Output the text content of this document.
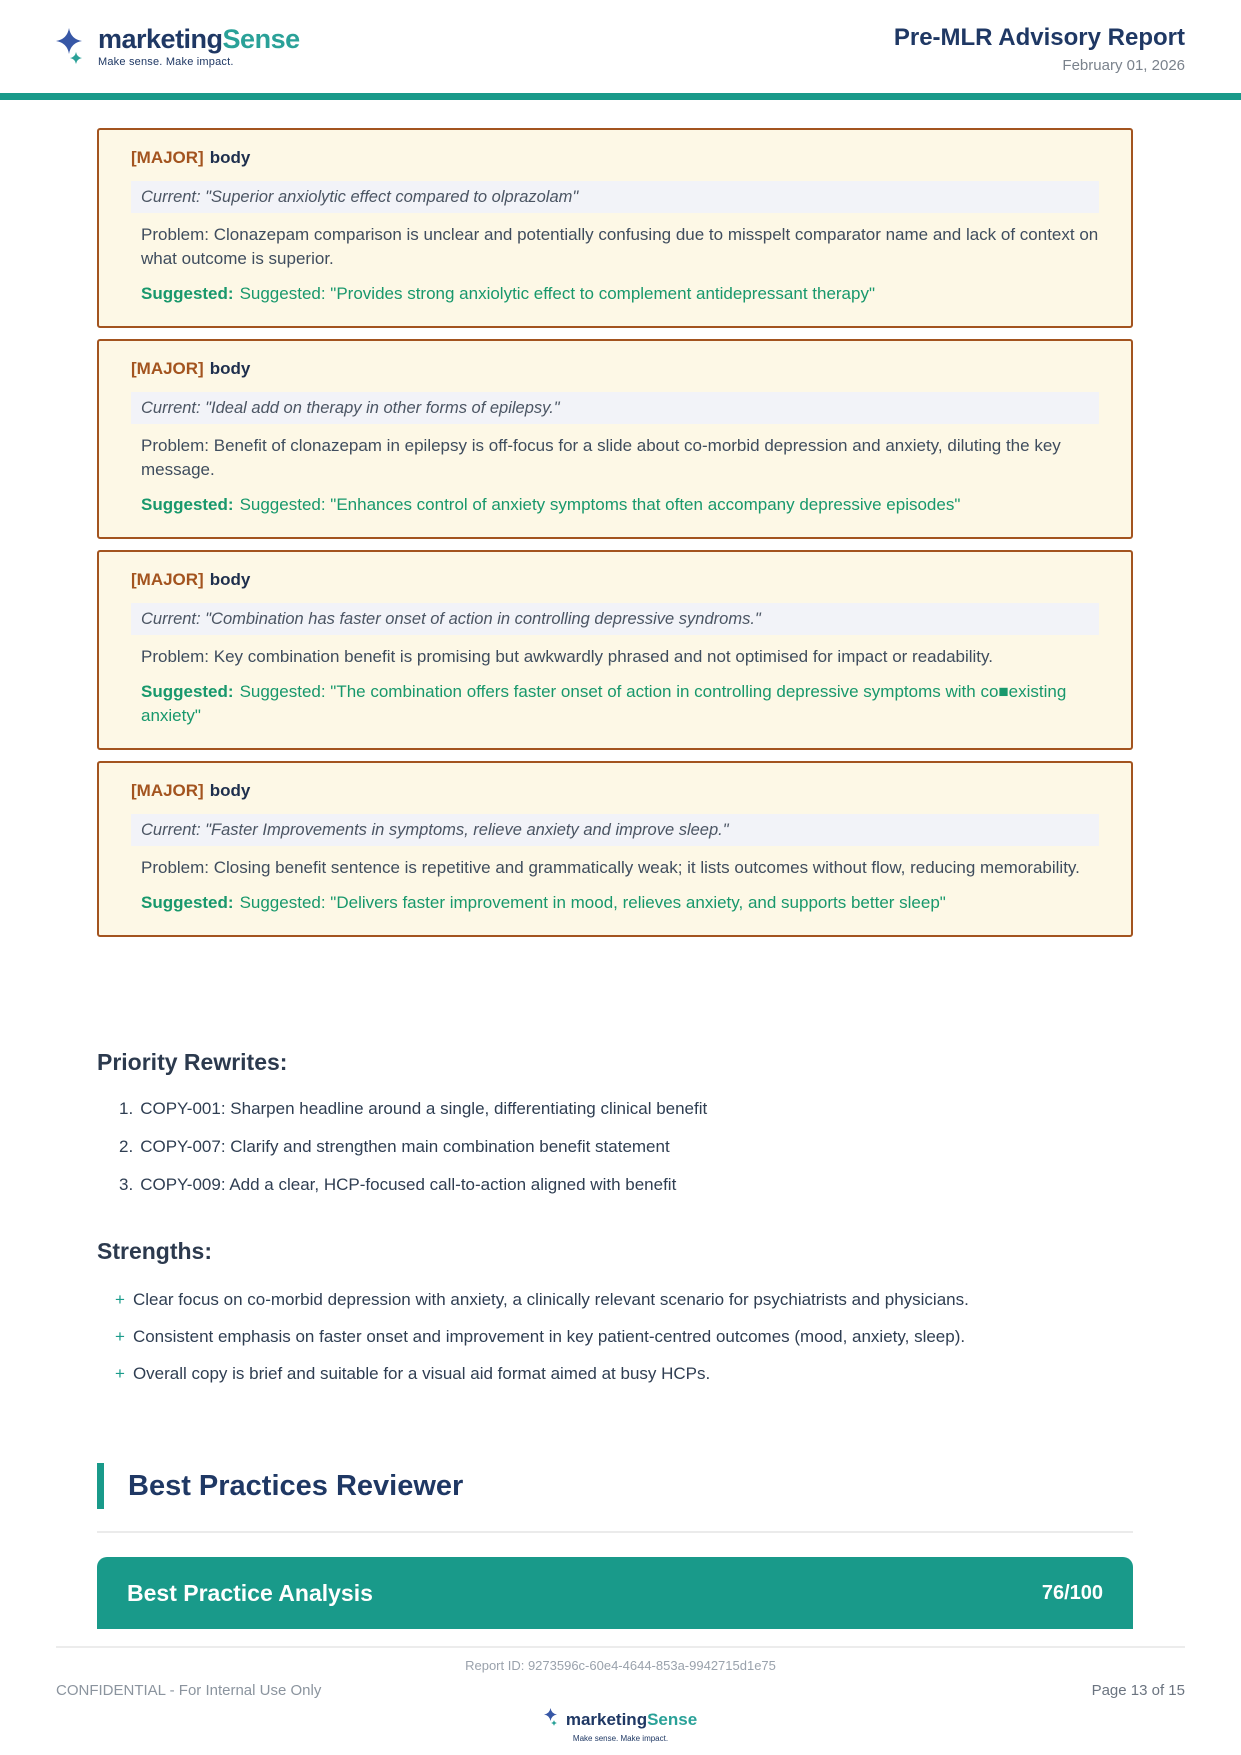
marketingSense
Make sense. Make impact.
Pre-MLR Advisory Report
February 01, 2026
[MAJOR] body
Current: "Superior anxiolytic effect compared to olprazolam"
Problem: Clonazepam comparison is unclear and potentially confusing due to misspelt comparator name and lack of context on what outcome is superior.
Suggested: Suggested: "Provides strong anxiolytic effect to complement antidepressant therapy"
[MAJOR] body
Current: "Ideal add on therapy in other forms of epilepsy."
Problem: Benefit of clonazepam in epilepsy is off-focus for a slide about co-morbid depression and anxiety, diluting the key message.
Suggested: Suggested: "Enhances control of anxiety symptoms that often accompany depressive episodes"
[MAJOR] body
Current: "Combination has faster onset of action in controlling depressive syndroms."
Problem: Key combination benefit is promising but awkwardly phrased and not optimised for impact or readability.
Suggested: Suggested: "The combination offers faster onset of action in controlling depressive symptoms with co■existing anxiety"
[MAJOR] body
Current: "Faster Improvements in symptoms, relieve anxiety and improve sleep."
Problem: Closing benefit sentence is repetitive and grammatically weak; it lists outcomes without flow, reducing memorability.
Suggested: Suggested: "Delivers faster improvement in mood, relieves anxiety, and supports better sleep"
Priority Rewrites:
1. COPY-001: Sharpen headline around a single, differentiating clinical benefit
2. COPY-007: Clarify and strengthen main combination benefit statement
3. COPY-009: Add a clear, HCP-focused call-to-action aligned with benefit
Strengths:
+ Clear focus on co-morbid depression with anxiety, a clinically relevant scenario for psychiatrists and physicians.
+ Consistent emphasis on faster onset and improvement in key patient-centred outcomes (mood, anxiety, sleep).
+ Overall copy is brief and suitable for a visual aid format aimed at busy HCPs.
Best Practices Reviewer
Best Practice Analysis	76/100
Report ID: 9273596c-60e4-4644-853a-9942715d1e75
CONFIDENTIAL - For Internal Use Only	Page 13 of 15
marketingSense
Make sense. Make impact.
